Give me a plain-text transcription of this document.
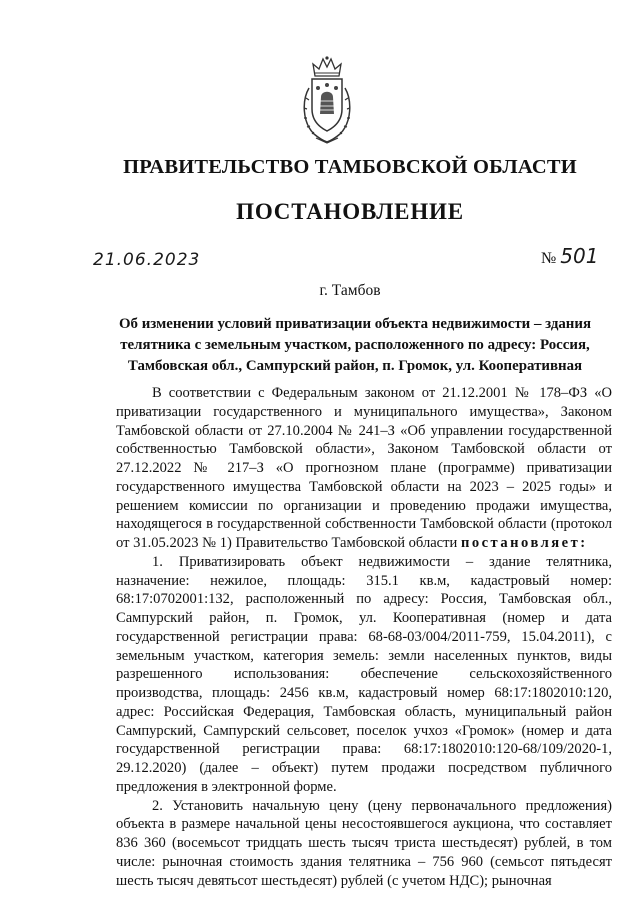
ПРАВИТЕЛЬСТВО ТАМБОВСКОЙ ОБЛАСТИ
ПОСТАНОВЛЕНИЕ
21.06.2023	№ 501
г. Тамбов
Об изменении условий приватизации объекта недвижимости – здания телятника с земельным участком, расположенного по адресу: Россия, Тамбовская обл., Сампурский район, п. Громок, ул. Кооперативная

В соответствии с Федеральным законом от 21.12.2001 № 178–ФЗ «О приватизации государственного и муниципального имущества», Законом Тамбовской области от 27.10.2004 № 241–З «Об управлении государственной собственностью Тамбовской области», Законом Тамбовской области от 27.12.2022 № 217–З «О прогнозном плане (программе) приватизации государственного имущества Тамбовской области на 2023 – 2025 годы» и решением комиссии по организации и проведению продажи имущества, находящегося в государственной собственности Тамбовской области (протокол от 31.05.2023 № 1) Правительство Тамбовской области постановляет:

1. Приватизировать объект недвижимости – здание телятника, назначение: нежилое, площадь: 315.1 кв.м, кадастровый номер: 68:17:0702001:132, расположенный по адресу: Россия, Тамбовская обл., Сампурский район, п. Громок, ул. Кооперативная (номер и дата государственной регистрации права: 68-68-03/004/2011-759, 15.04.2011), с земельным участком, категория земель: земли населенных пунктов, виды разрешенного использования: обеспечение сельскохозяйственного производства, площадь: 2456 кв.м, кадастровый номер 68:17:1802010:120, адрес: Российская Федерация, Тамбовская область, муниципальный район Сампурский, Сампурский сельсовет, поселок учхоз «Громок» (номер и дата государственной регистрации права: 68:17:1802010:120-68/109/2020-1, 29.12.2020) (далее – объект) путем продажи посредством публичного предложения в электронной форме.

2. Установить начальную цену (цену первоначального предложения) объекта в размере начальной цены несостоявшегося аукциона, что составляет 836 360 (восемьсот тридцать шесть тысяч триста шестьдесят) рублей, в том числе: рыночная стоимость здания телятника – 756 960 (семьсот пятьдесят шесть тысяч девятьсот шестьдесят) рублей (с учетом НДС); рыночная
